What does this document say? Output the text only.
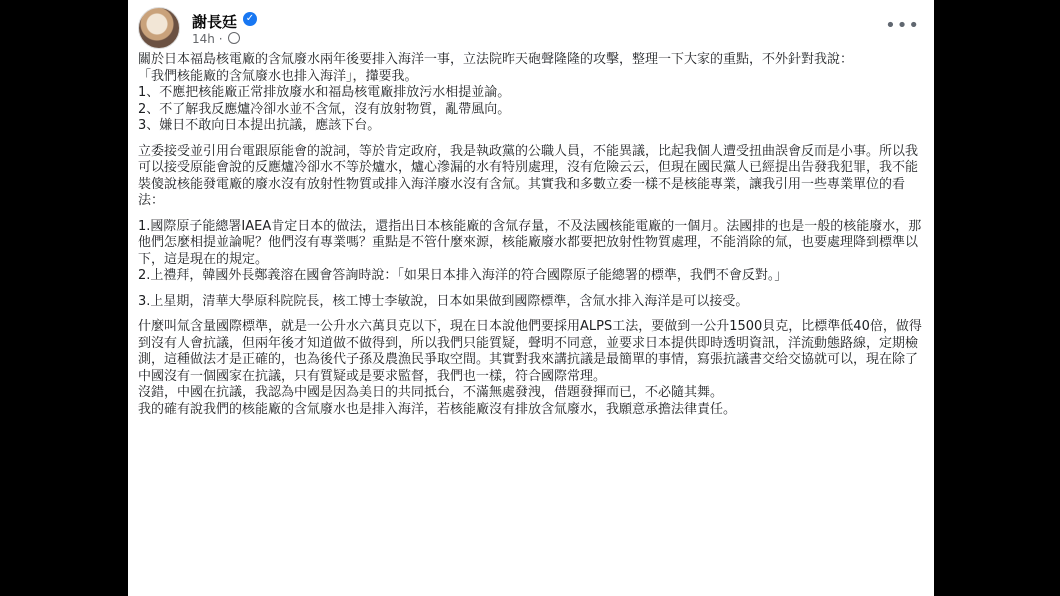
謝長廷 ✓
14h ·
•••

關於日本福島核電廠的含氚廢水兩年後要排入海洋一事，立法院昨天砲聲隆隆的攻擊，整理一下大家的重點，不外針對我說：

「我們核能廠的含氚廢水也排入海洋」，攆要我。

1、不應把核能廠正常排放廢水和福島核電廠排放污水相提並論。

2、不了解我反應爐冷卻水並不含氚，沒有放射物質，亂帶風向。

3、嫌日不敢向日本提出抗議，應該下台。

立委接受並引用台電跟原能會的說詞，等於肯定政府，我是執政黨的公職人員，不能異議，比起我個人遭受扭曲誤會反而是小事。所以我可以接受原能會說的反應爐冷卻水不等於爐水，爐心滲漏的水有特別處理，沒有危險云云，但現在國民黨人已經提出告發我犯罪，我不能裝傻說核能發電廠的廢水沒有放射性物質或排入海洋廢水沒有含氚。其實我和多數立委一樣不是核能專業，讓我引用一些專業單位的看法：

1.國際原子能總署IAEA肯定日本的做法，還指出日本核能廠的含氚存量，不及法國核能電廠的一個月。法國排的也是一般的核能廢水，那他們怎麼相提並論呢？他們沒有專業嗎？重點是不管什麼來源，核能廠廢水都要把放射性物質處理，不能消除的氚，也要處理降到標準以下，這是現在的規定。

2.上禮拜，韓國外長鄭義溶在國會答詢時說：「如果日本排入海洋的符合國際原子能總署的標準，我們不會反對。」

3.上星期，清華大學原科院院長，核工博士李敏說，日本如果做到國際標準，含氚水排入海洋是可以接受。

什麼叫氚含量國際標準，就是一公升水六萬貝克以下，現在日本說他們要採用ALPS工法，要做到一公升1500貝克，比標準低40倍，做得到沒有人會抗議，但兩年後才知道做不做得到，所以我們只能質疑，聲明不同意，並要求日本提供即時透明資訊，洋流動態路線，定期檢測，這種做法才是正確的，也為後代子孫及農漁民爭取空間。其實對我來講抗議是最簡單的事情，寫張抗議書交给交協就可以，現在除了中國沒有一個國家在抗議，只有質疑或是要求監督，我們也一樣，符合國際常理。

沒錯，中國在抗議，我認為中國是因為美日的共同抵台，不滿無處發洩，借題發揮而已，不必隨其舞。

我的確有說我們的核能廠的含氚廢水也是排入海洋，若核能廠沒有排放含氚廢水，我願意承擔法律責任。
